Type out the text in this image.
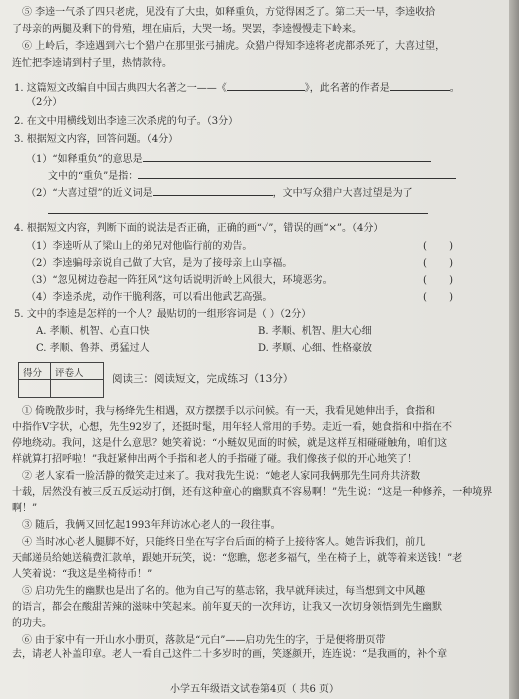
⑤ 李逵一气杀了四只老虎，见没有了大虫，如释重负，方觉得困乏了。第二天一早，李逵收拾
了母亲的两腿及剩下的骨殖，埋在庙后，大哭一场。哭罢，李逵慢慢走下岭来。
⑥ 上岭后，李逵遇到六七个猎户在那里张弓捕虎。众猎户得知李逵将老虎都杀死了，大喜过望，
连忙把李逵请到村子里，热情款待。
1. 这篇短文改编自中国古典四大名著之一——《	》，此名著的作者是	。
（2分）
2. 在文中用横线划出李逵三次杀虎的句子。（3分）
3. 根据短文内容，回答问题。（4分）
（1）“如释重负”的意思是
文中的“重负”是指：
（2）“大喜过望”的近义词是	，文中写众猎户大喜过望是为了
4. 根据短文内容，判断下面的说法是否正确，正确的画“✓”，错误的画“×”。（4分）
（1）李逵听从了梁山上的弟兄对他临行前的劝告。	(       )
（2）李逵骗母亲说自己做了大官，是为了接母亲上山享福。	(       )
（3）“忽见树边卷起一阵狂风”这句话说明沂岭上风很大，环境恶劣。	(       )
（4）李逵杀虎，动作干脆利落，可以看出他武艺高强。	(       )
5. 文中的李逵是怎样的一个人？最贴切的一组形容词是（ ）（2分）
A. 孝顺、机智、心直口快	B. 孝顺、机智、胆大心细
C. 孝顺、鲁莽、勇猛过人	D. 孝顺、心细、性格豪放
得分 评卷人	阅读三：阅读短文，完成练习（13分）
① 倚晚散步时，我与杨绛先生相遇，双方摆摆手以示问候。有一天，我看见她伸出手，食指和
中指作V字状，心想，先生92岁了，还挺时髦，用年轻人常用的手势。走近一看，她食指和中指在不
停地绕动。我问，这是什么意思？她笑着说：“小鲢奴见面的时候，就是这样互相碰碰触角，咱们这
样就算打招呼啦！”我赶紧伸出两个手指和老人的手指碰了碰。我们像孩子似的开心地笑了！
② 老人家看一脸活静的微笑走过来了。我对我先生说：“她老人家同我俩那先生同舟共济数
十载，居然没有被三反五反运动打倒，还有这种童心的幽默真不容易啊！”先生说：“这是一种修养，一种境界
啊！”
③ 随后，我俩又回忆起1993年拜访冰心老人的一段往事。
④ 当时冰心老人腿脚不好，只能终日坐在写字台后面的椅子上接待客人。她告诉我们，前几
天邮递员给她送稿费汇款单，跟她开玩笑，说：“您瞧，您老多福气，坐在椅子上，就等着来送钱！”老
人笑着说：“我这是坐椅待币！”
⑤ 启功先生的幽默也是出了名的。他为自己写的墓志铭，我早就拜读过，每当想到文中风趣
的语言，都会在酸甜苦辣的滋味中笑起来。前年夏天的一次拜访，让我又一次切身领悟到先生幽默
的功夫。
⑥ 由于家中有一开山水小册页，落款是“元白”——启功先生的字，于是便将册页带
去，请老人补盖印章。老人一看自己这件二十多岁时的画，笑逐颜开，连连说：“是我画的，补个章
小学五年级语文试卷第4页（ 共6 页）
